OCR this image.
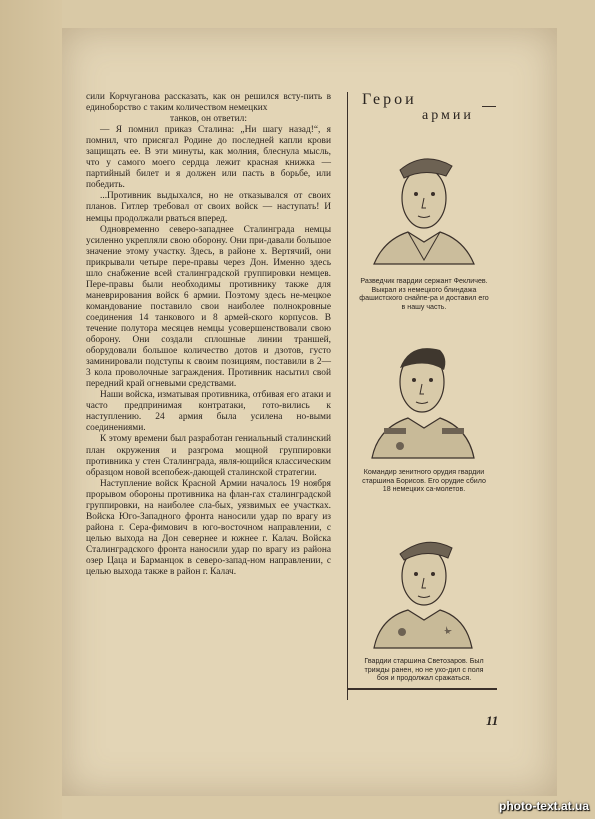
сили Корчуганова рассказать, как он решился всту-пить в единоборство с таким количеством немецких

танков, он ответил:

— Я помнил приказ Сталина: „Ни шагу назад!“, я помнил, что присягал Родине до последней капли крови защищать ее. В эти минуты, как молния, блеснула мысль, что у самого моего сердца лежит красная книжка — партийный билет и я должен или пасть в борьбе, или победить.

...Противник выдыхался, но не отказывался от своих планов. Гитлер требовал от своих войск — наступать! И немцы продолжали рваться вперед.

Одновременно северо-западнее Сталинграда немцы усиленно укрепляли свою оборону. Они при-давали большое значение этому участку. Здесь, в районе х. Вертячий, они прикрывали четыре пере-правы через Дон. Именно здесь шло снабжение всей сталинградской группировки немцев. Пере-правы были необходимы противнику также для маневрирования войск 6 армии. Поэтому здесь не-мецкое командование поставило свои наиболее полнокровные соединения 14 танкового и 8 армей-ского корпусов. В течение полутора месяцев немцы усовершенствовали свою оборону. Они создали сплошные линии траншей, оборудовали большое количество дотов и дзотов, густо заминировали подступы к своим позициям, поставили в 2—3 кола проволочные заграждения. Противник насытил свой передний край огневыми средствами.

Наши войска, изматывая противника, отбивая его атаки и часто предпринимая контратаки, гото-вились к наступлению. 24 армия была усилена но-выми соединениями.

К этому времени был разработан гениальный сталинский план окружения и разгрома мощной группировки противника у стен Сталинграда, явля-ющийся классическим образцом новой всепобеж-дающей сталинской стратегии.

Наступление войск Красной Армии началось 19 ноября прорывом обороны противника на флан-гах сталинградской группировки, на наиболее сла-бых, уязвимых ее участках. Войска Юго-Западного фронта наносили удар по врагу из района г. Сера-фимович в юго-восточном направлении, с целью выхода на Дон севернее и южнее г. Калач. Войска Сталинградского фронта наносили удар по врагу из района озер Цаца и Барманцок в северо-запад-ном направлении, с целью выхода также в район г. Калач.

Герои
армии
Разведчик гвардии сержант Фекличев. Выкрал из немецкого блиндажа фашистского снайпе-ра и доставил его в нашу часть.
Командир зенитного орудия гвардии старшина Борисов. Его орудие сбило 18 немецких са-молетов.
Гвардии старшина Светозаров. Был трижды ранен, но не ухо-дил с поля боя и продолжал сражаться.
11
photo-text.at.ua
